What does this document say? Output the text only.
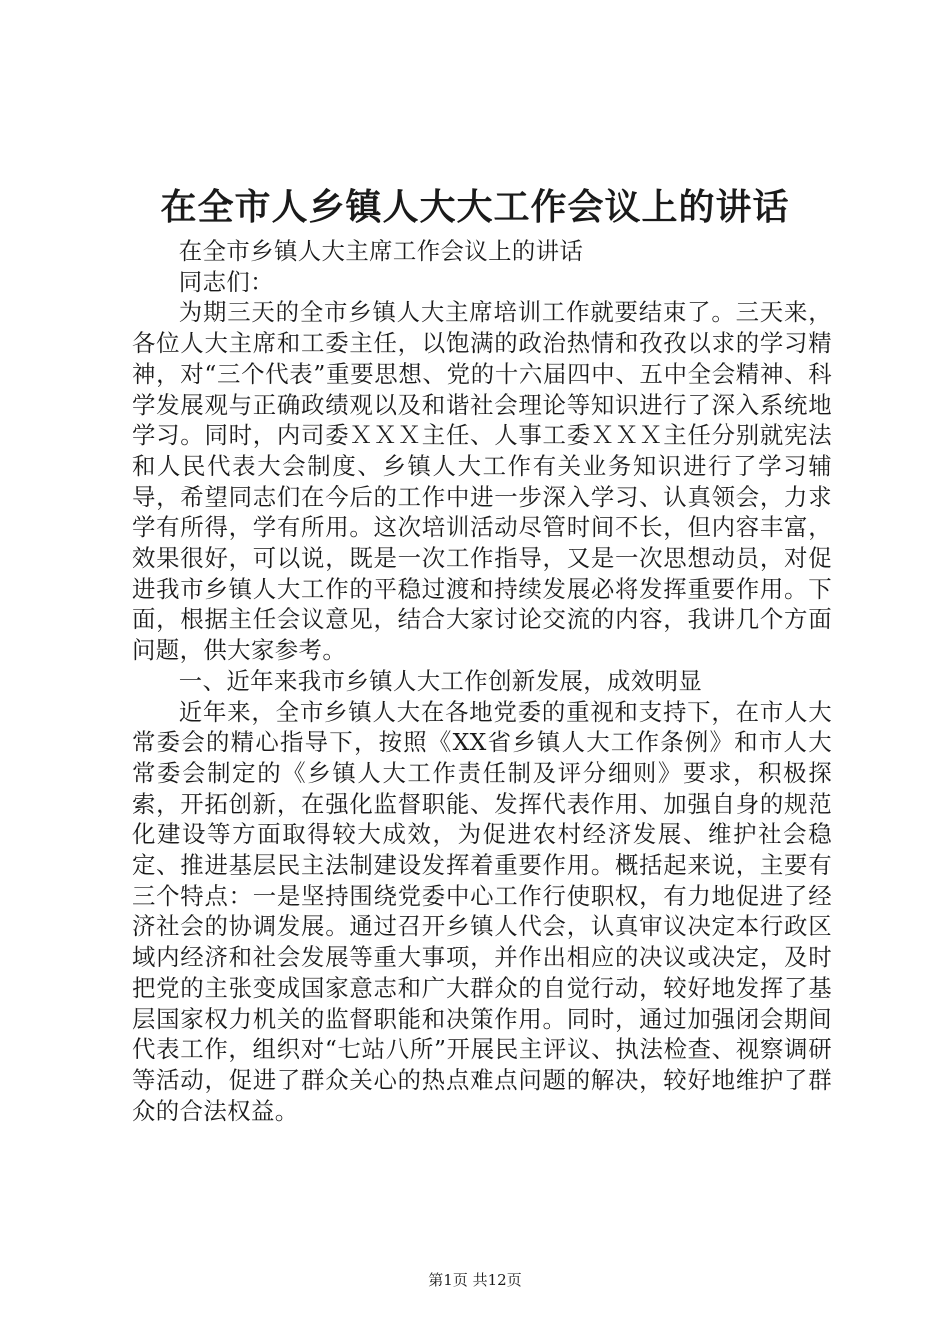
在全市人乡镇人大大工作会议上的讲话

在全市乡镇人大主席工作会议上的讲话

同志们：

为期三天的全市乡镇人大主席培训工作就要结束了。三天来，各位人大主席和工委主任，以饱满的政治热情和孜孜以求的学习精神，对“三个代表”重要思想、党的十六届四中、五中全会精神、科学发展观与正确政绩观以及和谐社会理论等知识进行了深入系统地学习。同时，内司委ＸＸＸ主任、人事工委ＸＸＸ主任分别就宪法和人民代表大会制度、乡镇人大工作有关业务知识进行了学习辅导，希望同志们在今后的工作中进一步深入学习、认真领会，力求学有所得，学有所用。这次培训活动尽管时间不长，但内容丰富，效果很好，可以说，既是一次工作指导，又是一次思想动员，对促进我市乡镇人大工作的平稳过渡和持续发展必将发挥重要作用。下面，根据主任会议意见，结合大家讨论交流的内容，我讲几个方面问题，供大家参考。

一、近年来我市乡镇人大工作创新发展，成效明显

近年来，全市乡镇人大在各地党委的重视和支持下，在市人大常委会的精心指导下，按照《XX省乡镇人大工作条例》和市人大常委会制定的《乡镇人大工作责任制及评分细则》要求，积极探索，开拓创新，在强化监督职能、发挥代表作用、加强自身的规范化建设等方面取得较大成效，为促进农村经济发展、维护社会稳定、推进基层民主法制建设发挥着重要作用。概括起来说，主要有三个特点：一是坚持围绕党委中心工作行使职权，有力地促进了经济社会的协调发展。通过召开乡镇人代会，认真审议决定本行政区域内经济和社会发展等重大事项，并作出相应的决议或决定，及时把党的主张变成国家意志和广大群众的自觉行动，较好地发挥了基层国家权力机关的监督职能和决策作用。同时，通过加强闭会期间代表工作，组织对“七站八所”开展民主评议、执法检查、视察调研等活动，促进了群众关心的热点难点问题的解决，较好地维护了群众的合法权益。

第1页 共12页
